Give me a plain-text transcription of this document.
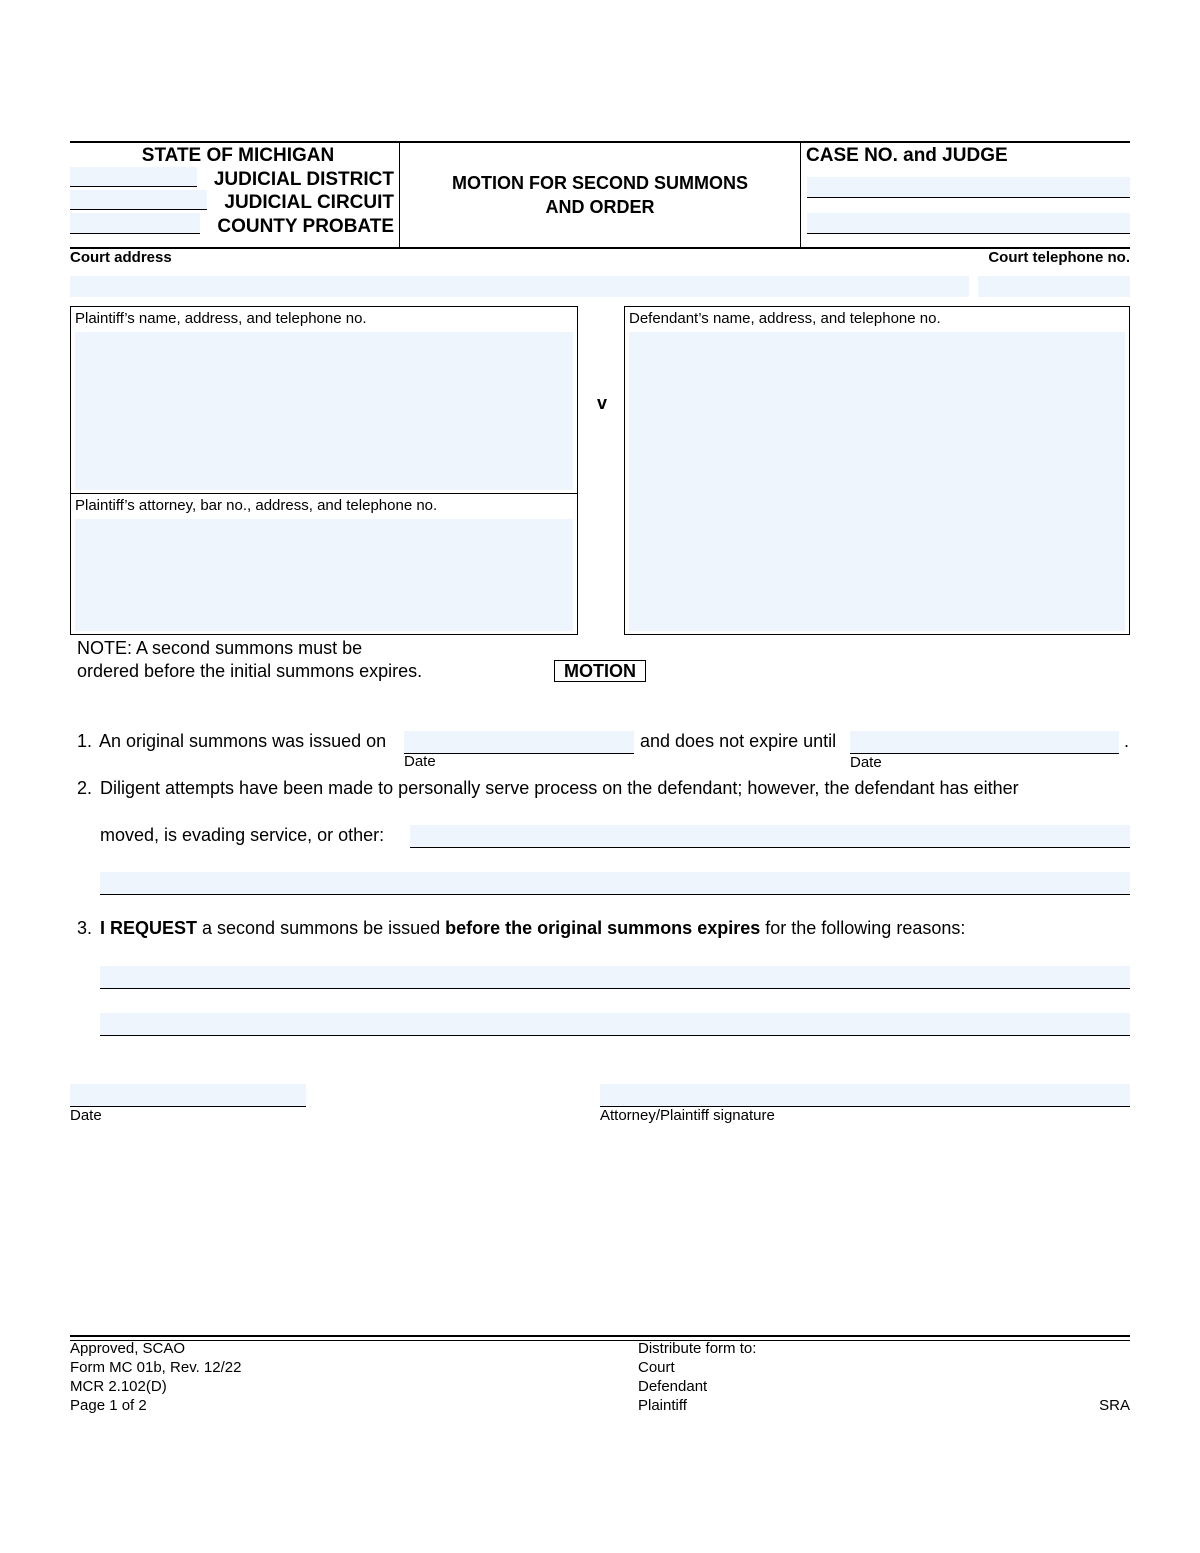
STATE OF MICHIGAN
JUDICIAL DISTRICT
JUDICIAL CIRCUIT
COUNTY PROBATE
MOTION FOR SECOND SUMMONS
AND ORDER
CASE NO. and JUDGE
Court address	Court telephone no.
Plaintiff’s name, address, and telephone no.
Plaintiff’s attorney, bar no., address, and telephone no.
v
Defendant’s name, address, and telephone no.
NOTE: A second summons must be
ordered before the initial summons expires.	MOTION
1. An original summons was issued on
Date
and does not expire until
Date
.
2. Diligent attempts have been made to personally serve process on the defendant; however, the defendant has either
moved, is evading service, or other:
3. I REQUEST a second summons be issued before the original summons expires for the following reasons:
Date	Attorney/Plaintiff signature
Approved, SCAO
Form MC 01b, Rev. 12/22
MCR 2.102(D)
Page 1 of 2
Distribute form to:
Court
Defendant
Plaintiff	SRA
